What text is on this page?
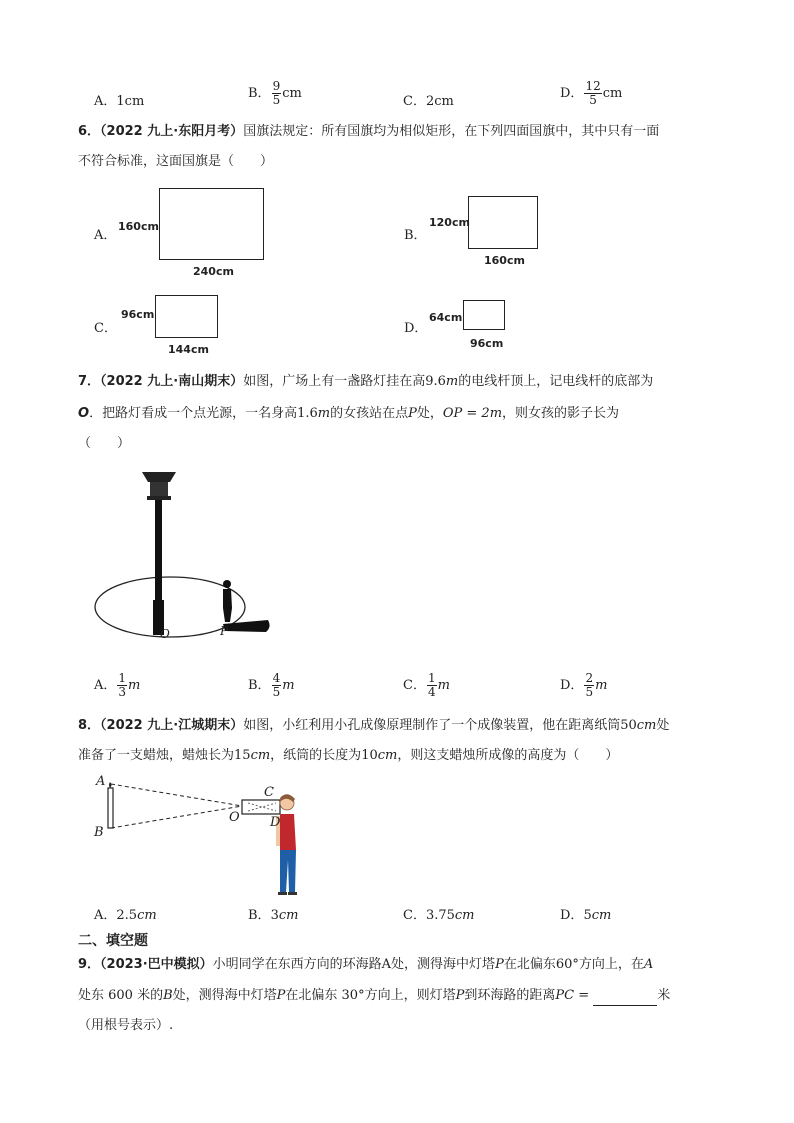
A．1cm
B． $\frac{9}{5}$ cm
C．2cm
D． $\frac{12}{5}$ cm
6．（2022 九上·东阳月考）国旗法规定：所有国旗均为相似矩形，在下列四面国旗中，其中只有一面
不符合标准，这面国旗是（　　）
A．
160cm
240cm
B．
120cm
160cm
C．
96cm
144cm
D．
64cm
96cm
7．（2022 九上·南山期末）如图，广场上有一盏路灯挂在高9.6m的电线杆顶上，记电线杆的底部为
O．把路灯看成一个点光源，一名身高1.6m的女孩站在点P处，OP = 2m，则女孩的影子长为
（　　）
O	P
A． $\frac{1}{3}$ m	B． $\frac{4}{5}$ m	C． $\frac{1}{4}$ m	D． $\frac{2}{5}$ m
8．（2022 九上·江城期末）如图，小红利用小孔成像原理制作了一个成像装置，他在距离纸筒50cm处
准备了一支蜡烛，蜡烛长为15cm，纸筒的长度为10cm，则这支蜡烛所成像的高度为（　　）
A
B
C
O D
A．2.5cm	B．3cm	C．3.75cm	D．5cm
二、填空题
9．（2023·巴中模拟）小明同学在东西方向的环海路A处，测得海中灯塔P在北偏东60°方向上，在A
处东 600 米的B处，测得海中灯塔P在北偏东 30°方向上，则灯塔P到环海路的距离PC =	米
（用根号表示）.
